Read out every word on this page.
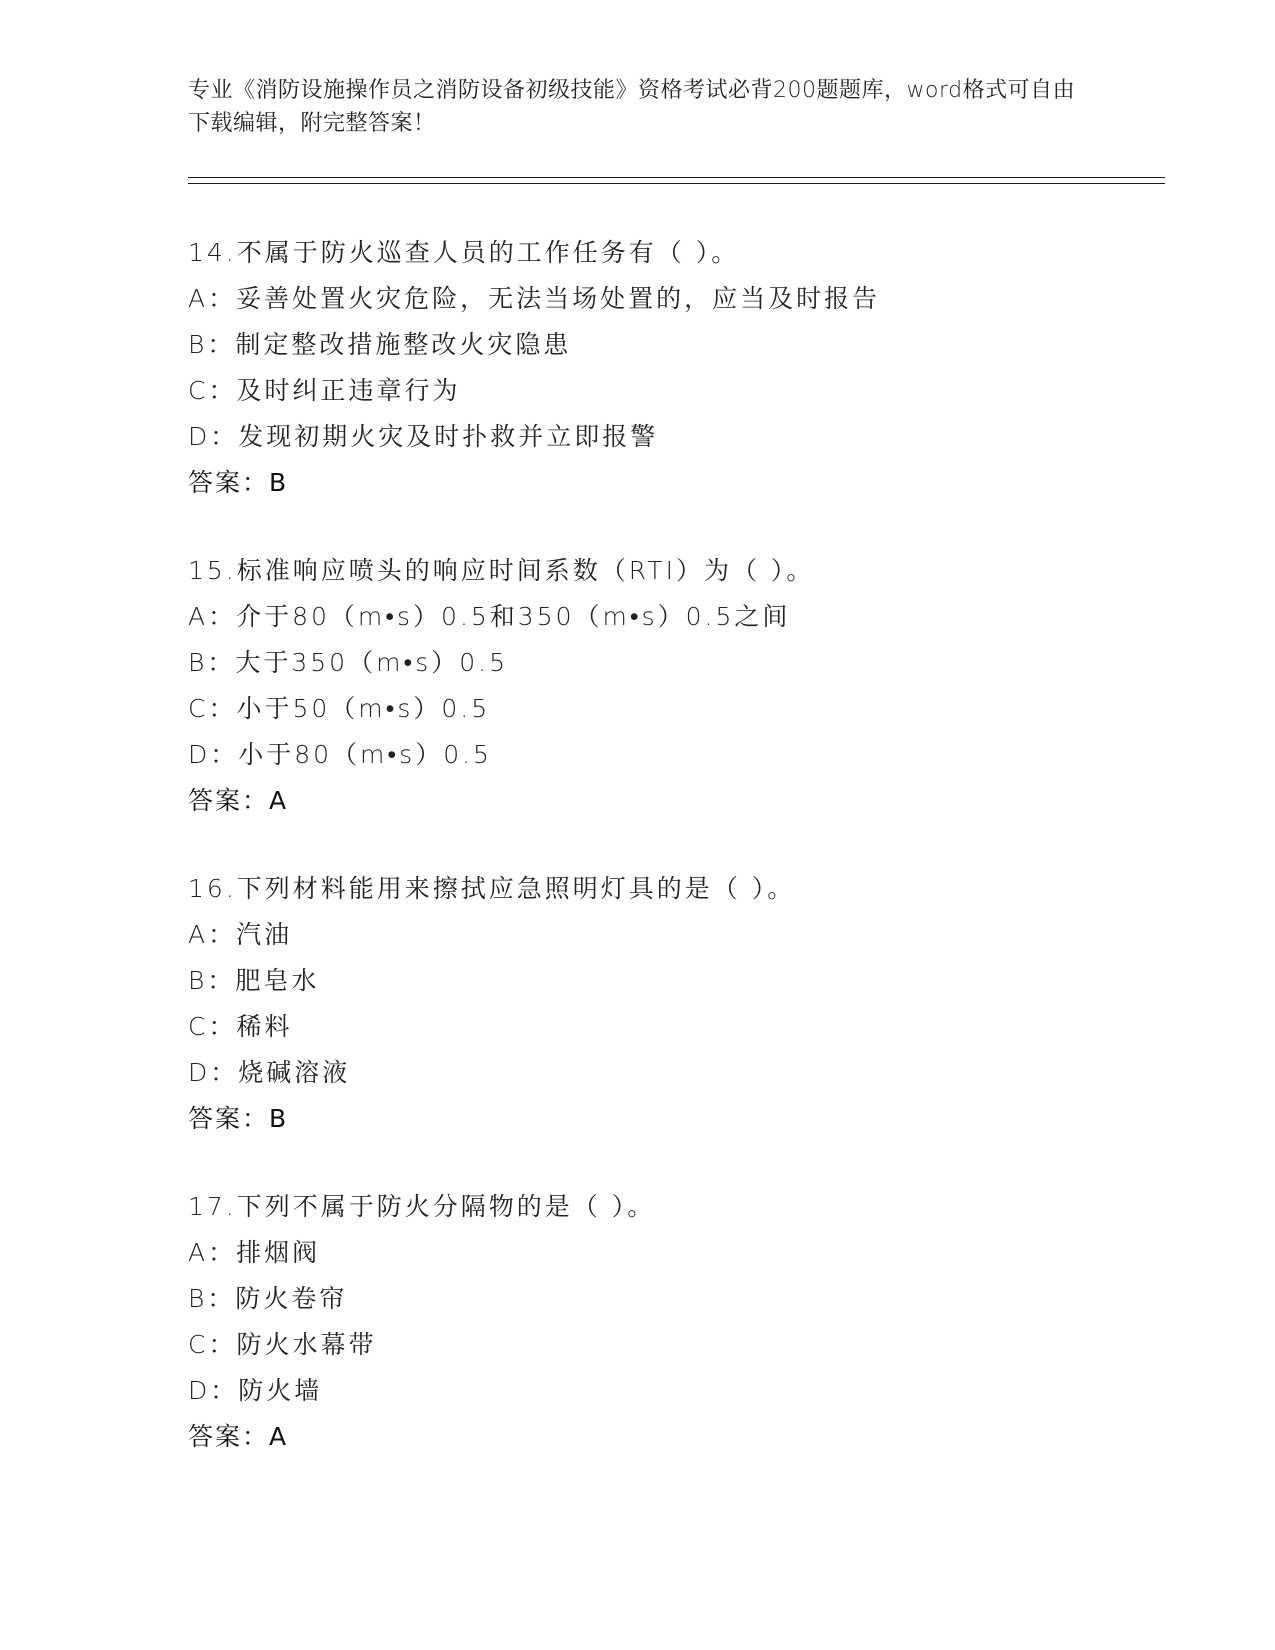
专业《消防设施操作员之消防设备初级技能》资格考试必背200题题库，word格式可自由下载编辑，附完整答案！
14.不属于防火巡查人员的工作任务有（ ）。
A：妥善处置火灾危险，无法当场处置的，应当及时报告
B：制定整改措施整改火灾隐患
C：及时纠正违章行为
D：发现初期火灾及时扑救并立即报警
答案：B
15.标准响应喷头的响应时间系数（RTI）为（ ）。
A：介于80（m•s）0.5和350（m•s）0.5之间
B：大于350（m•s）0.5
C：小于50（m•s）0.5
D：小于80（m•s）0.5
答案：A
16.下列材料能用来擦拭应急照明灯具的是（ ）。
A：汽油
B：肥皂水
C：稀料
D：烧碱溶液
答案：B
17.下列不属于防火分隔物的是（ ）。
A：排烟阀
B：防火卷帘
C：防火水幕带
D：防火墙
答案：A
